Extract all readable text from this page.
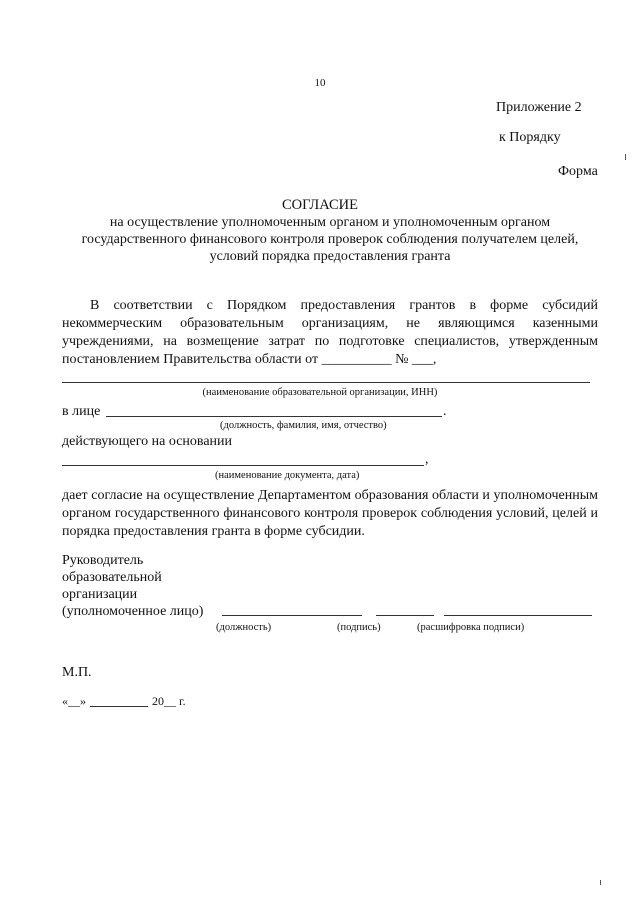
10
Приложение 2
к Порядку
Форма
СОГЛАСИЕ
на осуществление уполномоченным органом и уполномоченным органом государственного финансового контроля проверок соблюдения получателем целей, условий порядка предоставления гранта
В соответствии с Порядком предоставления грантов в форме субсидий некоммерческим образовательным организациям, не являющимся казенными учреждениями, на возмещение затрат по подготовке специалистов, утвержденным постановлением Правительства области от __________ № ___,
(наименование образовательной организации, ИНН)
в лице	.
(должность, фамилия, имя, отчество)
действующего на основании
,
(наименование документа, дата)
дает согласие на осуществление Департаментом образования области и уполномоченным органом государственного финансового контроля проверок соблюдения условий, целей и порядка предоставления гранта в форме субсидии.
Руководитель
образовательной
организации
(уполномоченное лицо)
(должность)	(подпись)	(расшифровка подписи)
М.П.
«__»	20__ г.
